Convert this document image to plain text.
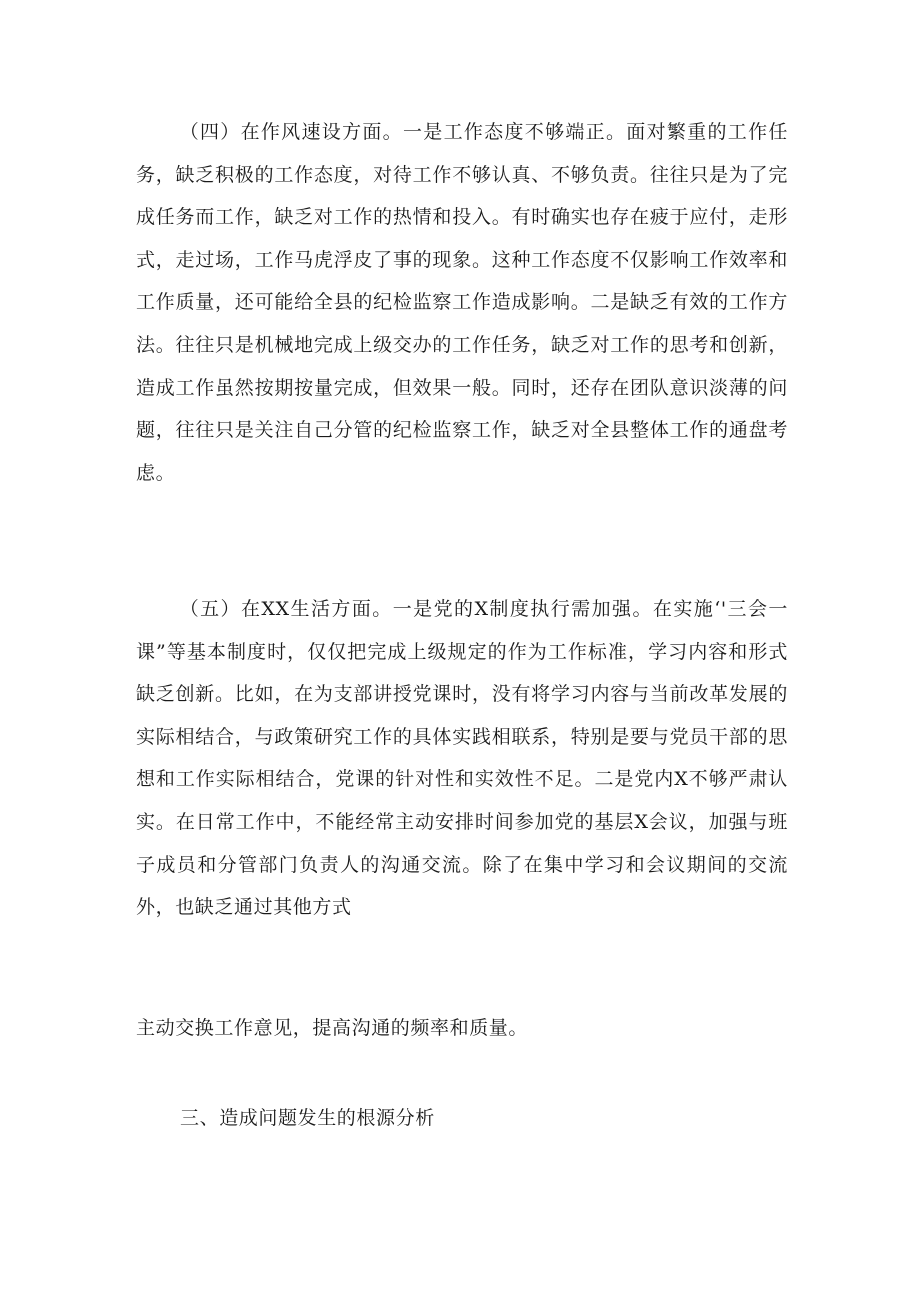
（四）在作风速设方面。一是工作态度不够端正。面对繁重的工作任务，缺乏积极的工作态度，对待工作不够认真、不够负责。往往只是为了完成任务而工作，缺乏对工作的热情和投入。有时确实也存在疲于应付，走形式，走过场，工作马虎浮皮了事的现象。这种工作态度不仅影响工作效率和工作质量，还可能给全县的纪检监察工作造成影响。二是缺乏有效的工作方法。往往只是机械地完成上级交办的工作任务，缺乏对工作的思考和创新，造成工作虽然按期按量完成，但效果一般。同时，还存在团队意识淡薄的问题，往往只是关注自己分管的纪检监察工作，缺乏对全县整体工作的通盘考虑。

（五）在XX生活方面。一是党的X制度执行需加强。在实施‘'三会一课”等基本制度时，仅仅把完成上级规定的作为工作标准，学习内容和形式缺乏创新。比如，在为支部讲授党课时，没有将学习内容与当前改革发展的实际相结合，与政策研究工作的具体实践相联系，特别是要与党员干部的思想和工作实际相结合，党课的针对性和实效性不足。二是党内X不够严肃认实。在日常工作中，不能经常主动安排时间参加党的基层X会议，加强与班子成员和分管部门负责人的沟通交流。除了在集中学习和会议期间的交流外，也缺乏通过其他方式

主动交换工作意见，提高沟通的频率和质量。

三、造成问题发生的根源分析
